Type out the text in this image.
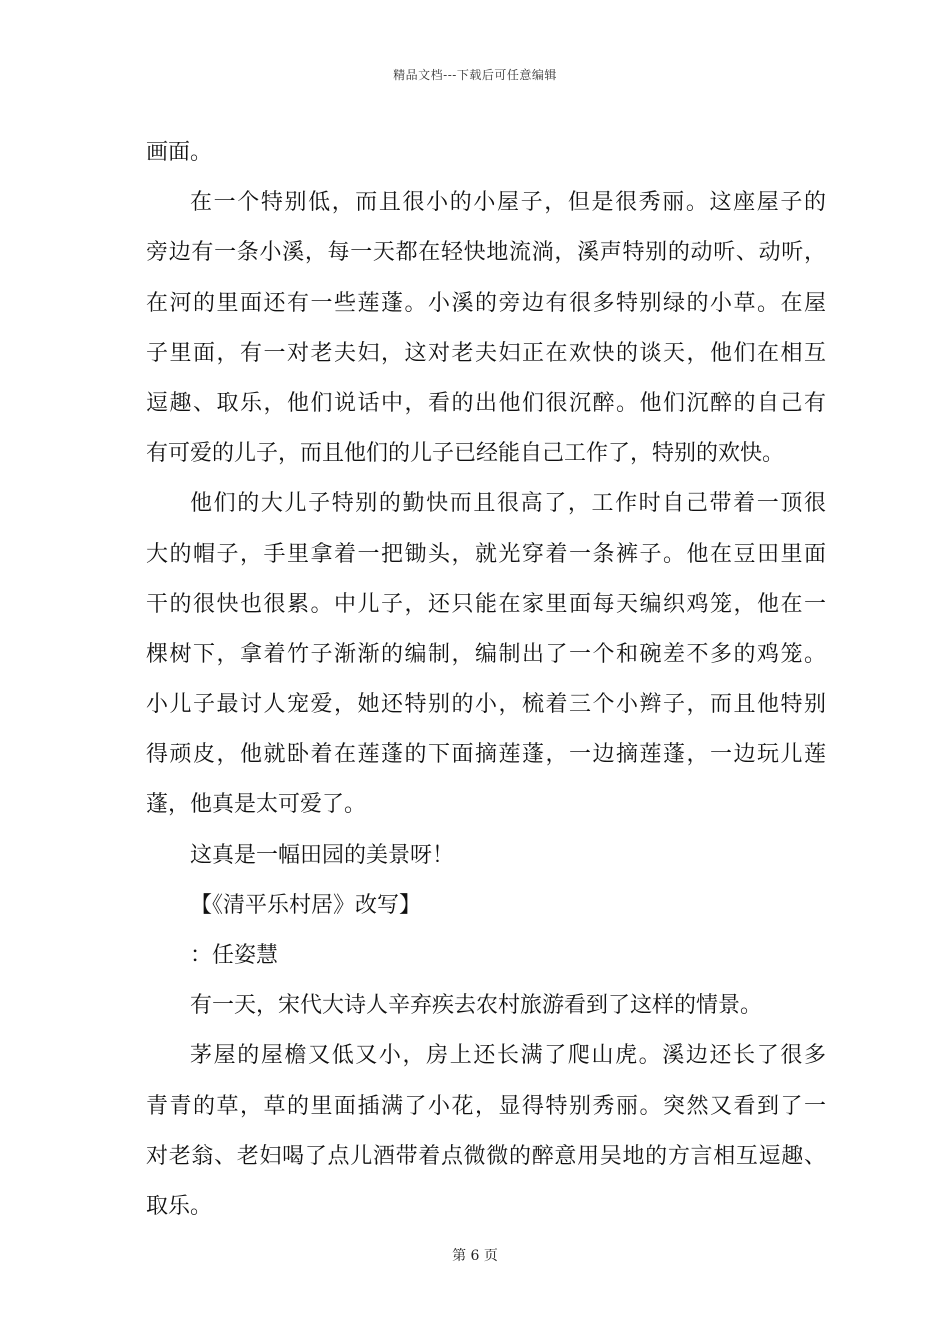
精品文档---下载后可任意编辑
画面。
在一个特别低，而且很小的小屋子，但是很秀丽。这座屋子的
旁边有一条小溪，每一天都在轻快地流淌，溪声特别的动听、动听，
在河的里面还有一些莲蓬。小溪的旁边有很多特别绿的小草。在屋
子里面，有一对老夫妇，这对老夫妇正在欢快的谈天，他们在相互
逗趣、取乐，他们说话中，看的出他们很沉醉。他们沉醉的自己有
有可爱的儿子，而且他们的儿子已经能自己工作了，特别的欢快。
他们的大儿子特别的勤快而且很高了，工作时自己带着一顶很
大的帽子，手里拿着一把锄头，就光穿着一条裤子。他在豆田里面
干的很快也很累。中儿子，还只能在家里面每天编织鸡笼，他在一
棵树下，拿着竹子渐渐的编制，编制出了一个和碗差不多的鸡笼。
小儿子最讨人宠爱，她还特别的小，梳着三个小辫子，而且他特别
得顽皮，他就卧着在莲蓬的下面摘莲蓬，一边摘莲蓬，一边玩儿莲
蓬，他真是太可爱了。
这真是一幅田园的美景呀！
【《清平乐村居》改写】
：任姿慧
有一天，宋代大诗人辛弃疾去农村旅游看到了这样的情景。
茅屋的屋檐又低又小，房上还长满了爬山虎。溪边还长了很多
青青的草，草的里面插满了小花，显得特别秀丽。突然又看到了一
对老翁、老妇喝了点儿酒带着点微微的醉意用吴地的方言相互逗趣、
取乐。
第 6 页
